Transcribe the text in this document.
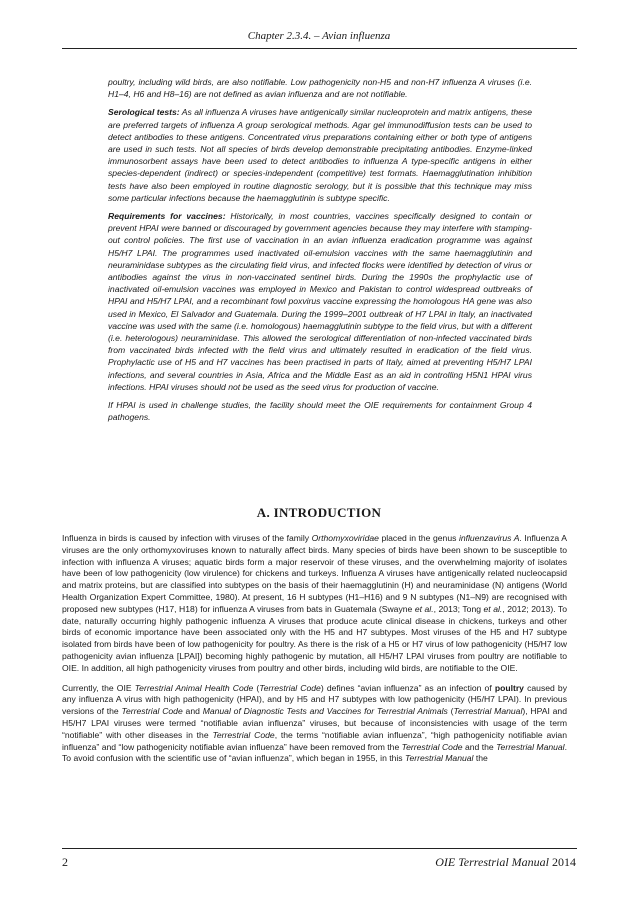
Chapter 2.3.4. – Avian influenza

poultry, including wild birds, are also notifiable. Low pathogenicity non-H5 and non-H7 influenza A viruses (i.e. H1–4, H6 and H8–16) are not defined as avian influenza and are not notifiable.

Serological tests: As all influenza A viruses have antigenically similar nucleoprotein and matrix antigens, these are preferred targets of influenza A group serological methods. Agar gel immunodiffusion tests can be used to detect antibodies to these antigens. Concentrated virus preparations containing either or both type of antigens are used in such tests. Not all species of birds develop demonstrable precipitating antibodies. Enzyme-linked immunosorbent assays have been used to detect antibodies to influenza A type-specific antigens in either species-dependent (indirect) or species-independent (competitive) test formats. Haemagglutination inhibition tests have also been employed in routine diagnostic serology, but it is possible that this technique may miss some particular infections because the haemagglutinin is subtype specific.

Requirements for vaccines: Historically, in most countries, vaccines specifically designed to contain or prevent HPAI were banned or discouraged by government agencies because they may interfere with stamping-out control policies. The first use of vaccination in an avian influenza eradication programme was against H5/H7 LPAI. The programmes used inactivated oil-emulsion vaccines with the same haemagglutinin and neuraminidase subtypes as the circulating field virus, and infected flocks were identified by detection of virus or antibodies against the virus in non-vaccinated sentinel birds. During the 1990s the prophylactic use of inactivated oil-emulsion vaccines was employed in Mexico and Pakistan to control widespread outbreaks of HPAI and H5/H7 LPAI, and a recombinant fowl poxvirus vaccine expressing the homologous HA gene was also used in Mexico, El Salvador and Guatemala. During the 1999–2001 outbreak of H7 LPAI in Italy, an inactivated vaccine was used with the same (i.e. homologous) haemagglutinin subtype to the field virus, but with a different (i.e. heterologous) neuraminidase. This allowed the serological differentiation of non-infected vaccinated birds from vaccinated birds infected with the field virus and ultimately resulted in eradication of the field virus. Prophylactic use of H5 and H7 vaccines has been practised in parts of Italy, aimed at preventing H5/H7 LPAI infections, and several countries in Asia, Africa and the Middle East as an aid in controlling H5N1 HPAI virus infections. HPAI viruses should not be used as the seed virus for production of vaccine.

If HPAI is used in challenge studies, the facility should meet the OIE requirements for containment Group 4 pathogens.

A. INTRODUCTION

Influenza in birds is caused by infection with viruses of the family Orthomyxoviridae placed in the genus influenzavirus A. Influenza A viruses are the only orthomyxoviruses known to naturally affect birds. Many species of birds have been shown to be susceptible to infection with influenza A viruses; aquatic birds form a major reservoir of these viruses, and the overwhelming majority of isolates have been of low pathogenicity (low virulence) for chickens and turkeys. Influenza A viruses have antigenically related nucleocapsid and matrix proteins, but are classified into subtypes on the basis of their haemagglutinin (H) and neuraminidase (N) antigens (World Health Organization Expert Committee, 1980). At present, 16 H subtypes (H1–H16) and 9 N subtypes (N1–N9) are recognised with proposed new subtypes (H17, H18) for influenza A viruses from bats in Guatemala (Swayne et al., 2013; Tong et al., 2012; 2013). To date, naturally occurring highly pathogenic influenza A viruses that produce acute clinical disease in chickens, turkeys and other birds of economic importance have been associated only with the H5 and H7 subtypes. Most viruses of the H5 and H7 subtype isolated from birds have been of low pathogenicity for poultry. As there is the risk of a H5 or H7 virus of low pathogenicity (H5/H7 low pathogenicity avian influenza [LPAI]) becoming highly pathogenic by mutation, all H5/H7 LPAI viruses from poultry are notifiable to OIE. In addition, all high pathogenicity viruses from poultry and other birds, including wild birds, are notifiable to the OIE.

Currently, the OIE Terrestrial Animal Health Code (Terrestrial Code) defines “avian influenza” as an infection of poultry caused by any influenza A virus with high pathogenicity (HPAI), and by H5 and H7 subtypes with low pathogenicity (H5/H7 LPAI). In previous versions of the Terrestrial Code and Manual of Diagnostic Tests and Vaccines for Terrestrial Animals (Terrestrial Manual), HPAI and H5/H7 LPAI viruses were termed “notifiable avian influenza” viruses, but because of inconsistencies with usage of the term “notifiable” with other diseases in the Terrestrial Code, the terms “notifiable avian influenza”, “high pathogenicity notifiable avian influenza” and “low pathogenicity notifiable avian influenza” have been removed from the Terrestrial Code and the Terrestrial Manual. To avoid confusion with the scientific use of “avian influenza”, which began in 1955, in this Terrestrial Manual the

2	OIE Terrestrial Manual 2014
